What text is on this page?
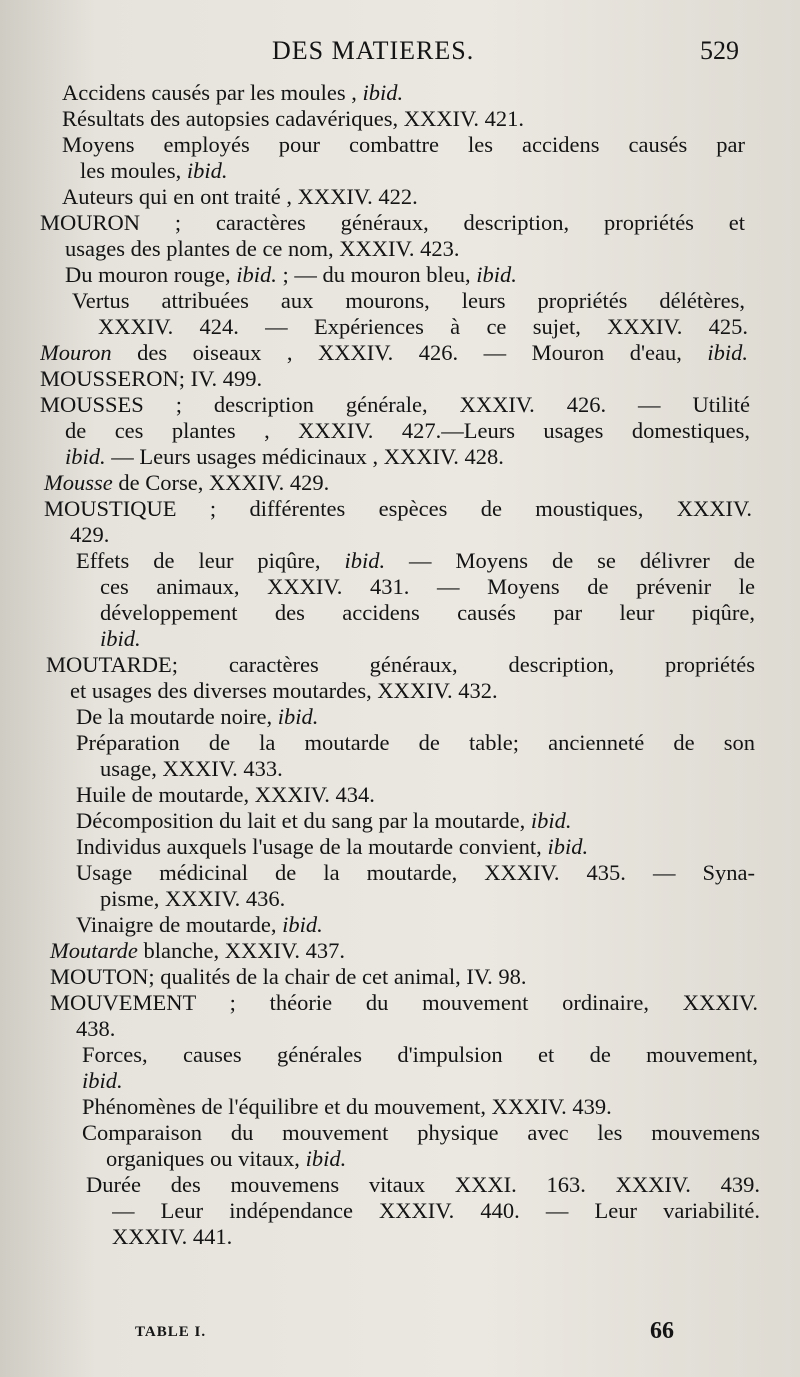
DES MATIERES.	529
Accidens causés par les moules , ibid.
Résultats des autopsies cadavériques, XXXIV. 421.
Moyens employés pour combattre les accidens causés par
les moules, ibid.
Auteurs qui en ont traité , XXXIV. 422.
MOURON ; caractères généraux, description, propriétés et
usages des plantes de ce nom, XXXIV. 423.
Du mouron rouge, ibid. ; — du mouron bleu, ibid.
Vertus attribuées aux mourons, leurs propriétés délétères,
XXXIV. 424. — Expériences à ce sujet, XXXIV. 425.
Mouron des oiseaux , XXXIV. 426. — Mouron d'eau, ibid.
MOUSSERON; IV. 499.
MOUSSES ; description générale, XXXIV. 426. — Utilité
de ces plantes , XXXIV. 427.—Leurs usages domestiques,
ibid. — Leurs usages médicinaux , XXXIV. 428.
Mousse de Corse, XXXIV. 429.
MOUSTIQUE ; différentes espèces de moustiques, XXXIV.
429.
Effets de leur piqûre, ibid. — Moyens de se délivrer de
ces animaux, XXXIV. 431. — Moyens de prévenir le
développement des accidens causés par leur piqûre,
ibid.
MOUTARDE; caractères généraux, description, propriétés
et usages des diverses moutardes, XXXIV. 432.
De la moutarde noire, ibid.
Préparation de la moutarde de table; ancienneté de son
usage, XXXIV. 433.
Huile de moutarde, XXXIV. 434.
Décomposition du lait et du sang par la moutarde, ibid.
Individus auxquels l'usage de la moutarde convient, ibid.
Usage médicinal de la moutarde, XXXIV. 435. — Syna-
pisme, XXXIV. 436.
Vinaigre de moutarde, ibid.
Moutarde blanche, XXXIV. 437.
MOUTON; qualités de la chair de cet animal, IV. 98.
MOUVEMENT ; théorie du mouvement ordinaire, XXXIV.
438.
Forces, causes générales d'impulsion et de mouvement,
ibid.
Phénomènes de l'équilibre et du mouvement, XXXIV. 439.
Comparaison du mouvement physique avec les mouvemens
organiques ou vitaux, ibid.
Durée des mouvemens vitaux XXXI. 163. XXXIV. 439.
— Leur indépendance XXXIV. 440. — Leur variabilité.
XXXIV. 441.
TABLE I.	66
